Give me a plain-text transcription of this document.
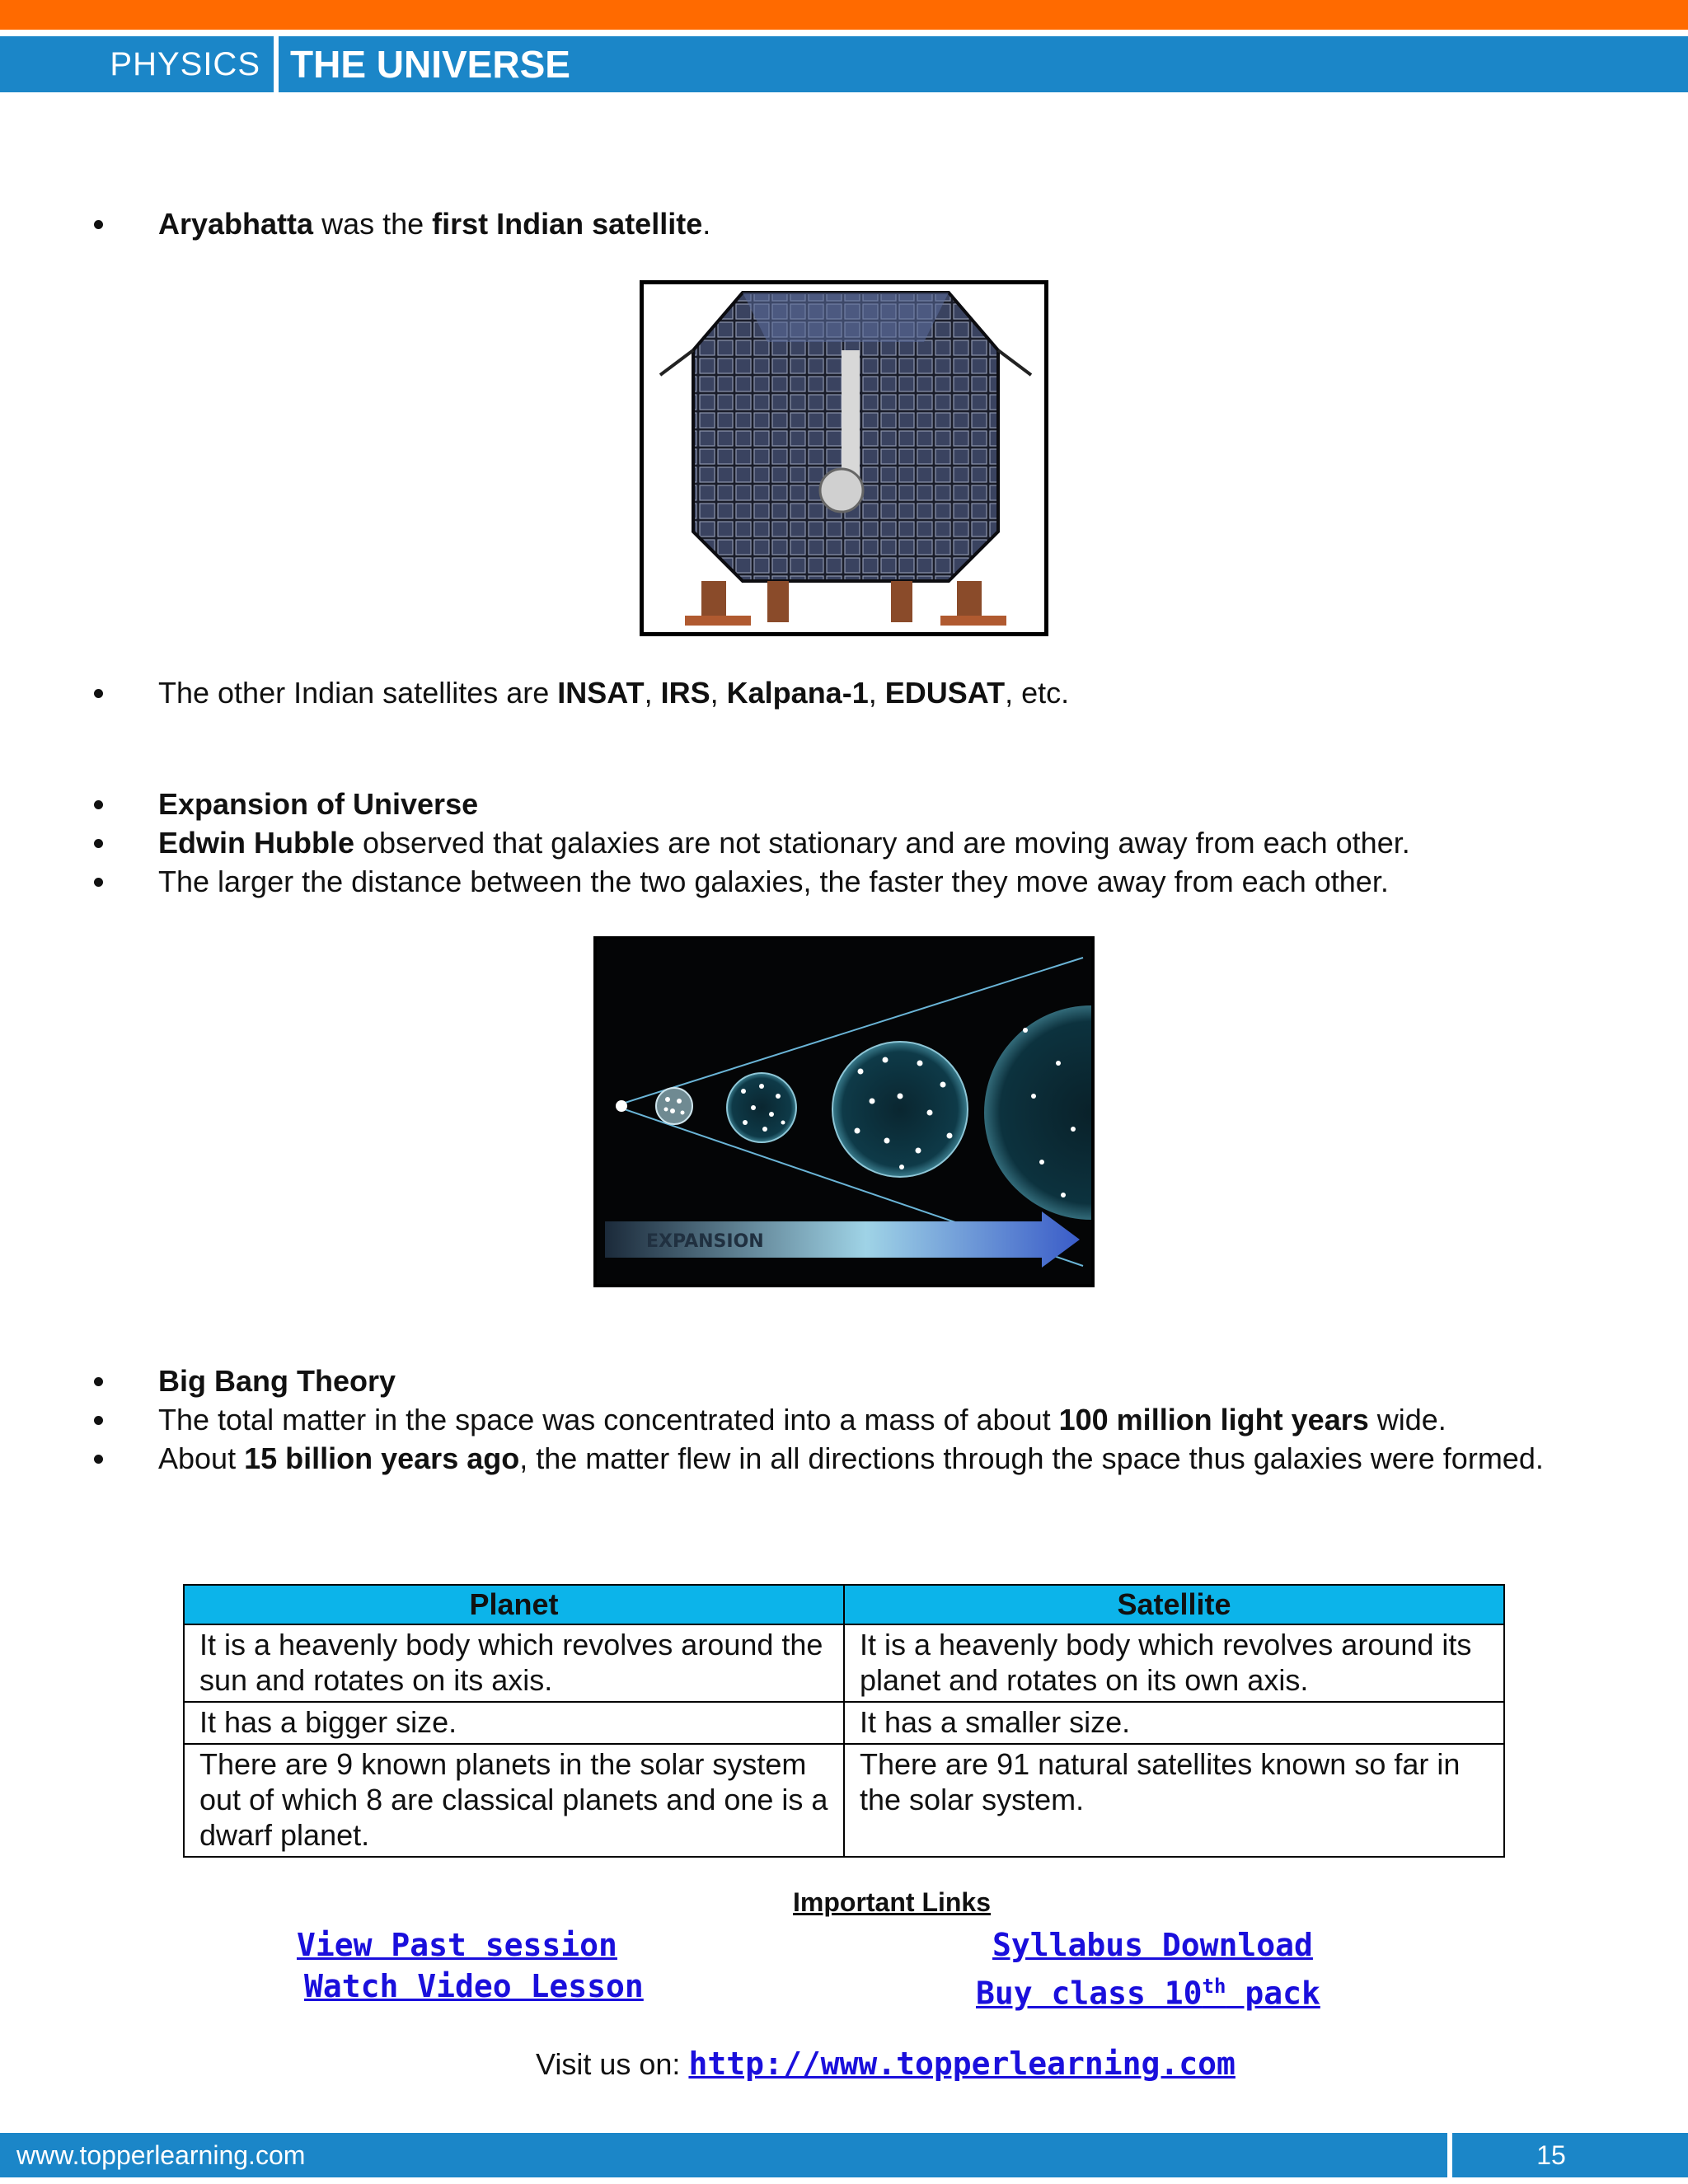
PHYSICS THE UNIVERSE
Aryabhatta was the first Indian satellite.
The other Indian satellites are INSAT, IRS, Kalpana-1, EDUSAT, etc.
Expansion of Universe
Edwin Hubble observed that galaxies are not stationary and are moving away from each other.
The larger the distance between the two galaxies, the faster they move away from each other.
EXPANSION
Big Bang Theory
The total matter in the space was concentrated into a mass of about 100 million light years wide.
About 15 billion years ago, the matter flew in all directions through the space thus galaxies were formed.
Planet	Satellite
It is a heavenly body which revolves around the sun and rotates on its axis.	It is a heavenly body which revolves around its planet and rotates on its own axis.
It has a bigger size.	It has a smaller size.
There are 9 known planets in the solar system out of which 8 are classical planets and one is a dwarf planet.	There are 91 natural satellites known so far in the solar system.
Important Links
View Past session
Watch Video Lesson
Syllabus Download
Buy class 10th pack
Visit us on: http://www.topperlearning.com
www.topperlearning.com	15
